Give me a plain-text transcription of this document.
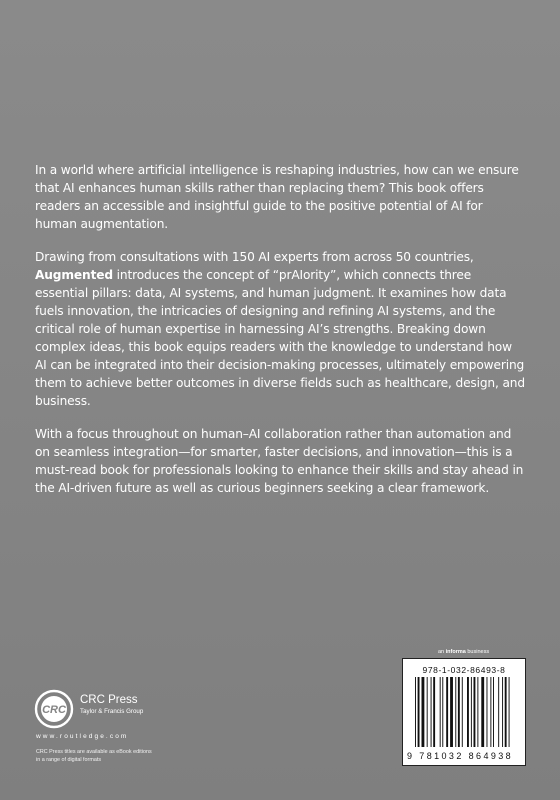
In a world where artificial intelligence is reshaping industries, how can we ensure that AI enhances human skills rather than replacing them? This book offers readers an accessible and insightful guide to the positive potential of AI for human augmentation.

Drawing from consultations with 150 AI experts from across 50 countries, Augmented introduces the concept of “prAIority”, which connects three essential pillars: data, AI systems, and human judgment. It examines how data fuels innovation, the intricacies of designing and refining AI systems, and the critical role of human expertise in harnessing AI’s strengths. Breaking down complex ideas, this book equips readers with the knowledge to understand how AI can be integrated into their decision-making processes, ultimately empowering them to achieve better outcomes in diverse fields such as healthcare, design, and business.

With a focus throughout on human–AI collaboration rather than automation and on seamless integration—for smarter, faster decisions, and innovation—this is a must-read book for professionals looking to enhance their skills and stay ahead in the AI-driven future as well as curious beginners seeking a clear framework.

an informa business
978-1-032-86493-8
9 781032 864938
CRC
CRC Press
Taylor & Francis Group
www.routledge.com
CRC Press titles are available as eBook editions
in a range of digital formats
